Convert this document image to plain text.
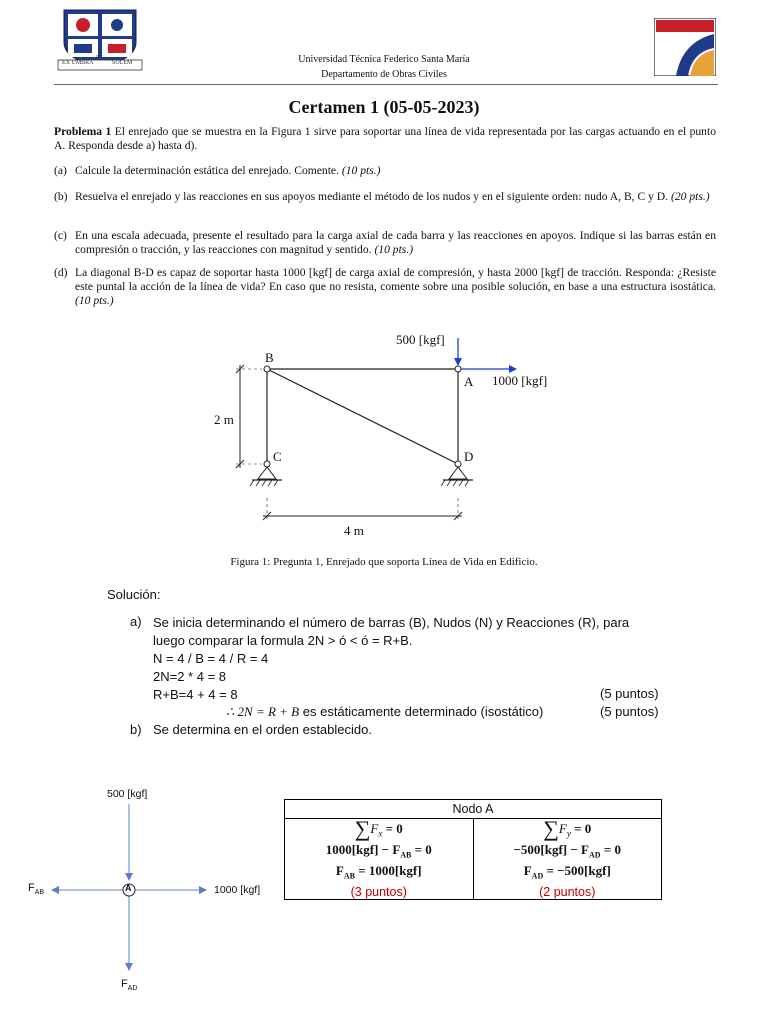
EX UMBRA
IN
SOLEM	Universidad Técnica Federico Santa María
Departamento de Obras Civiles
Certamen 1 (05-05-2023)
Problema 1 El enrejado que se muestra en la Figura 1 sirve para soportar una línea de vida representada por las cargas actuando en el punto A. Responda desde a) hasta d).
(a) Calcule la determinación estática del enrejado. Comente. (10 pts.)
(b) Resuelva el enrejado y las reacciones en sus apoyos mediante el método de los nudos y en el siguiente orden: nudo A, B, C y D. (20 pts.)
(c) En una escala adecuada, presente el resultado para la carga axial de cada barra y las reacciones en apoyos. Indique si las barras están en compresión o tracción, y las reacciones con magnitud y sentido. (10 pts.)
(d) La diagonal B-D es capaz de soportar hasta 1000 [kgf] de carga axial de compresión, y hasta 2000 [kgf] de tracción. Responda: ¿Resiste este puntal la acción de la línea de vida? En caso que no resista, comente sobre una posible solución, en base a una estructura isostática. (10 pts.)
500 [kgf]
1000 [kgf]
B
A
C	D
2 m
4 m
Figura 1: Pregunta 1, Enrejado que soporta Línea de Vida en Edificio.
Solución:
a) Se inicia determinando el número de barras (B), Nudos (N) y Reacciones (R), para
luego comparar la formula 2N > ó < ó = R+B.
N = 4 / B = 4 / R = 4
2N=2 * 4 = 8
R+B=4 + 4 = 8	(5 puntos)
∴ 2N = R + B es estáticamente determinado (isostático)	(5 puntos)
b) Se determina en el orden establecido.
A
500 [kgf]
1000 [kgf]
$F_{AB}$
$F_{AD}$
Nodo A

$\sum F_x = 0$
$1000[kgf] - F_{AB} = 0$
$F_{AB} = 1000[kgf]$
(3 puntos)

$\sum F_y = 0$
$-500[kgf] - F_{AD} = 0$
$F_{AD} = -500[kgf]$
(2 puntos)
